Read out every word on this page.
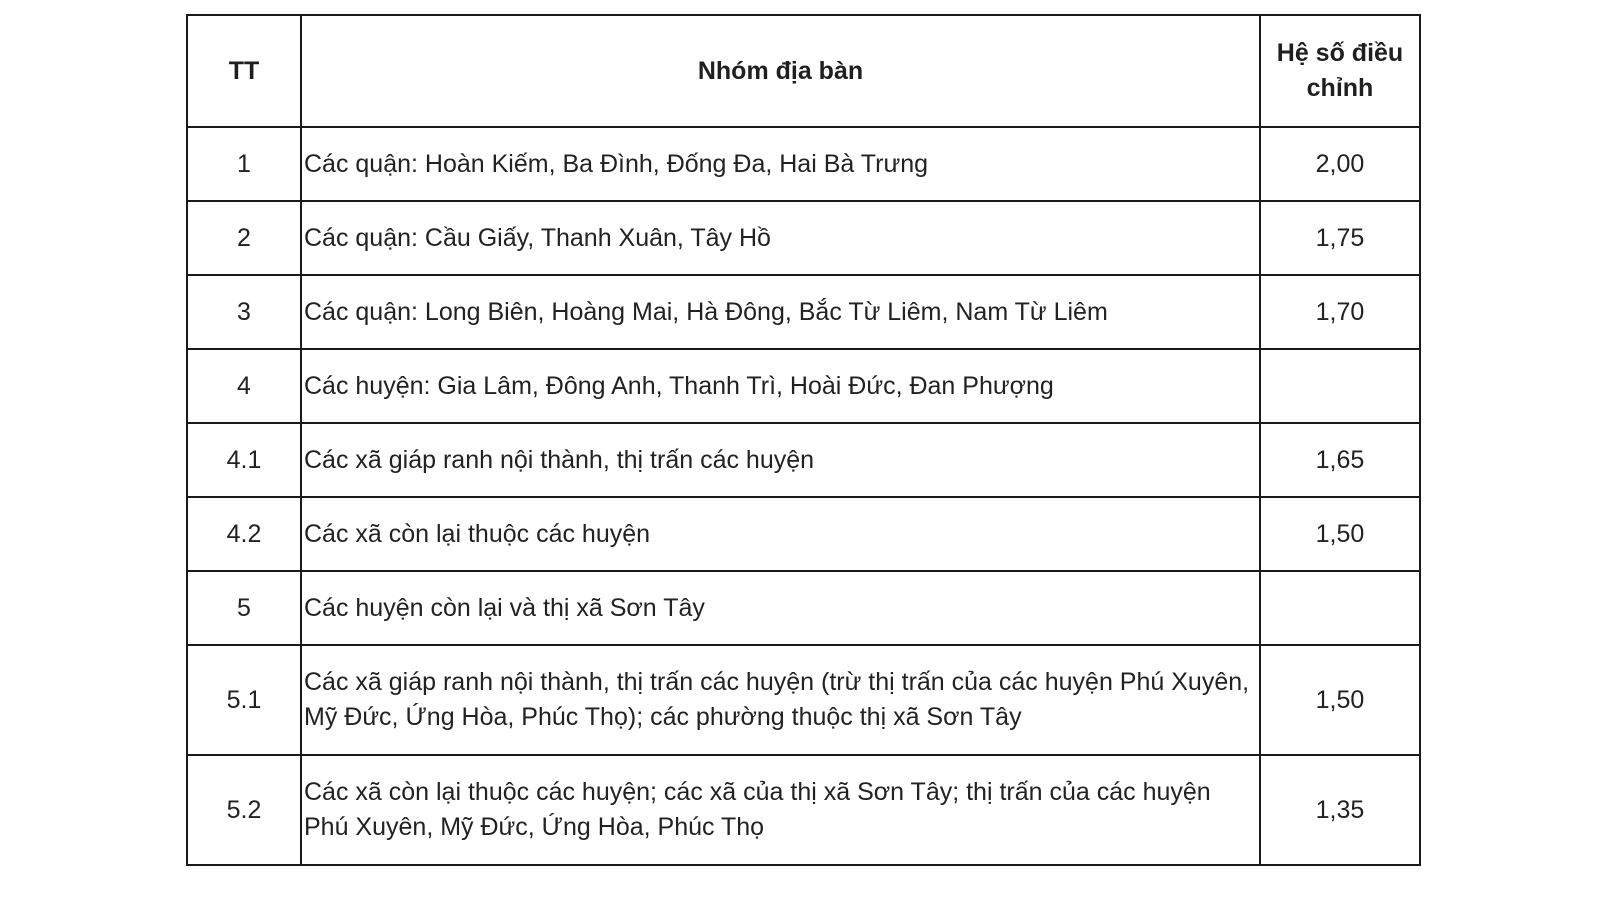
TT	Nhóm địa bàn	Hệ số điều chỉnh
1	Các quận: Hoàn Kiếm, Ba Đình, Đống Đa, Hai Bà Trưng	2,00
2	Các quận: Cầu Giấy, Thanh Xuân, Tây Hồ	1,75
3	Các quận: Long Biên, Hoàng Mai, Hà Đông, Bắc Từ Liêm, Nam Từ Liêm	1,70
4	Các huyện: Gia Lâm, Đông Anh, Thanh Trì, Hoài Đức, Đan Phượng	
4.1	Các xã giáp ranh nội thành, thị trấn các huyện	1,65
4.2	Các xã còn lại thuộc các huyện	1,50
5	Các huyện còn lại và thị xã Sơn Tây	
5.1	Các xã giáp ranh nội thành, thị trấn các huyện (trừ thị trấn của các huyện Phú Xuyên, Mỹ Đức, Ứng Hòa, Phúc Thọ); các phường thuộc thị xã Sơn Tây	1,50
5.2	Các xã còn lại thuộc các huyện; các xã của thị xã Sơn Tây; thị trấn của các huyện Phú Xuyên, Mỹ Đức, Ứng Hòa, Phúc Thọ	1,35
